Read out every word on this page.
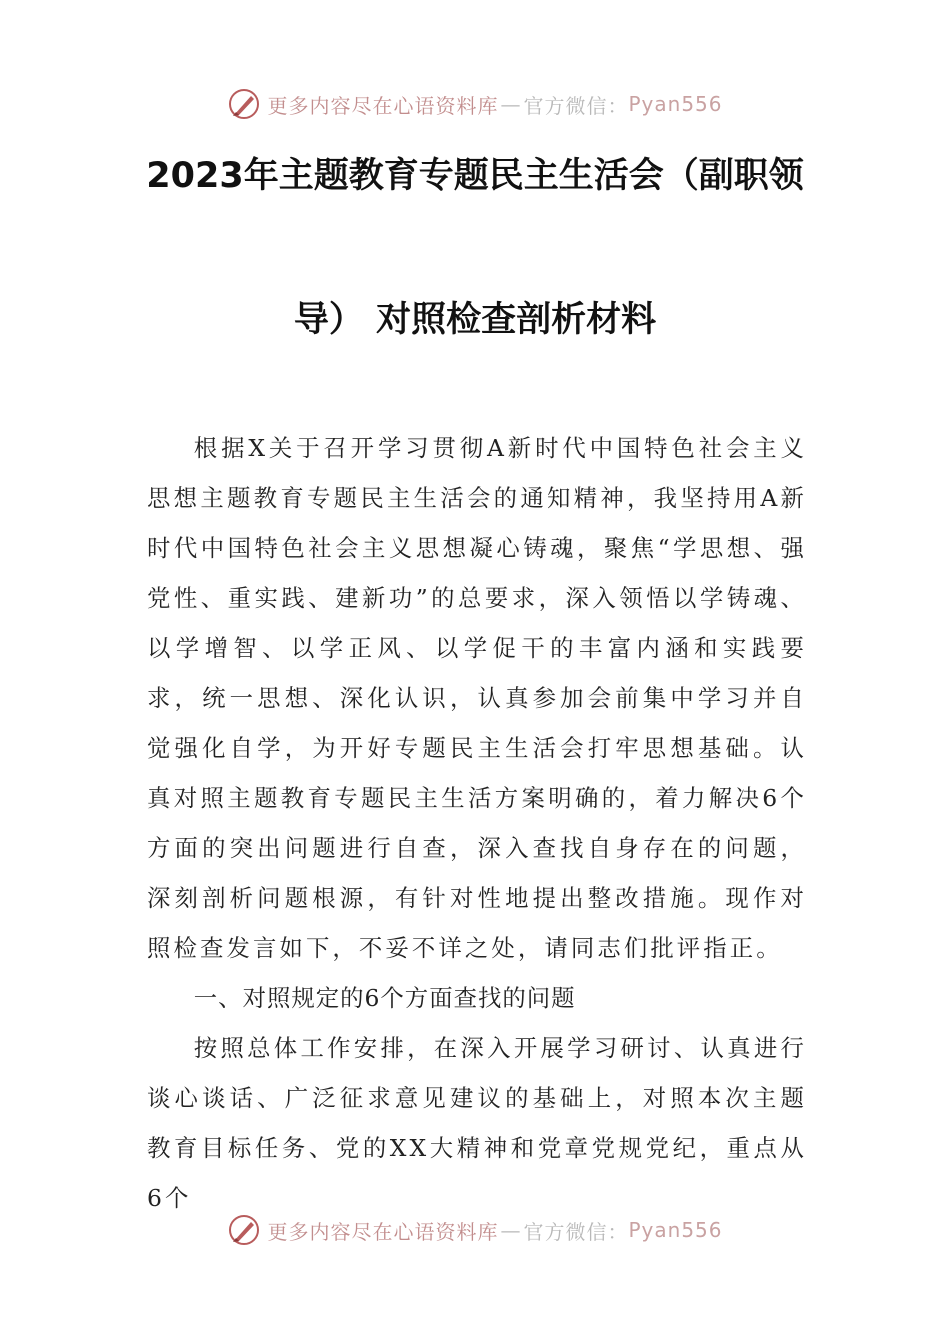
更多内容尽在心语资料库 — 官方微信： Pyan556
2023年主题教育专题民主生活会（副职领
导） 对照检查剖析材料

根据X关于召开学习贯彻A新时代中国特色社会主义思想主题教育专题民主生活会的通知精神，我坚持用A新时代中国特色社会主义思想凝心铸魂，聚焦“学思想、强党性、重实践、建新功”的总要求，深入领悟以学铸魂、以学增智、以学正风、以学促干的丰富内涵和实践要求，统一思想、深化认识，认真参加会前集中学习并自觉强化自学，为开好专题民主生活会打牢思想基础。认真对照主题教育专题民主生活方案明确的，着力解决6个方面的突出问题进行自查，深入查找自身存在的问题，深刻剖析问题根源，有针对性地提出整改措施。现作对照检查发言如下，不妥不详之处，请同志们批评指正。

一、对照规定的6个方面查找的问题

按照总体工作安排，在深入开展学习研讨、认真进行谈心谈话、广泛征求意见建议的基础上，对照本次主题教育目标任务、党的XX大精神和党章党规党纪，重点从6个

更多内容尽在心语资料库 — 官方微信： Pyan556
